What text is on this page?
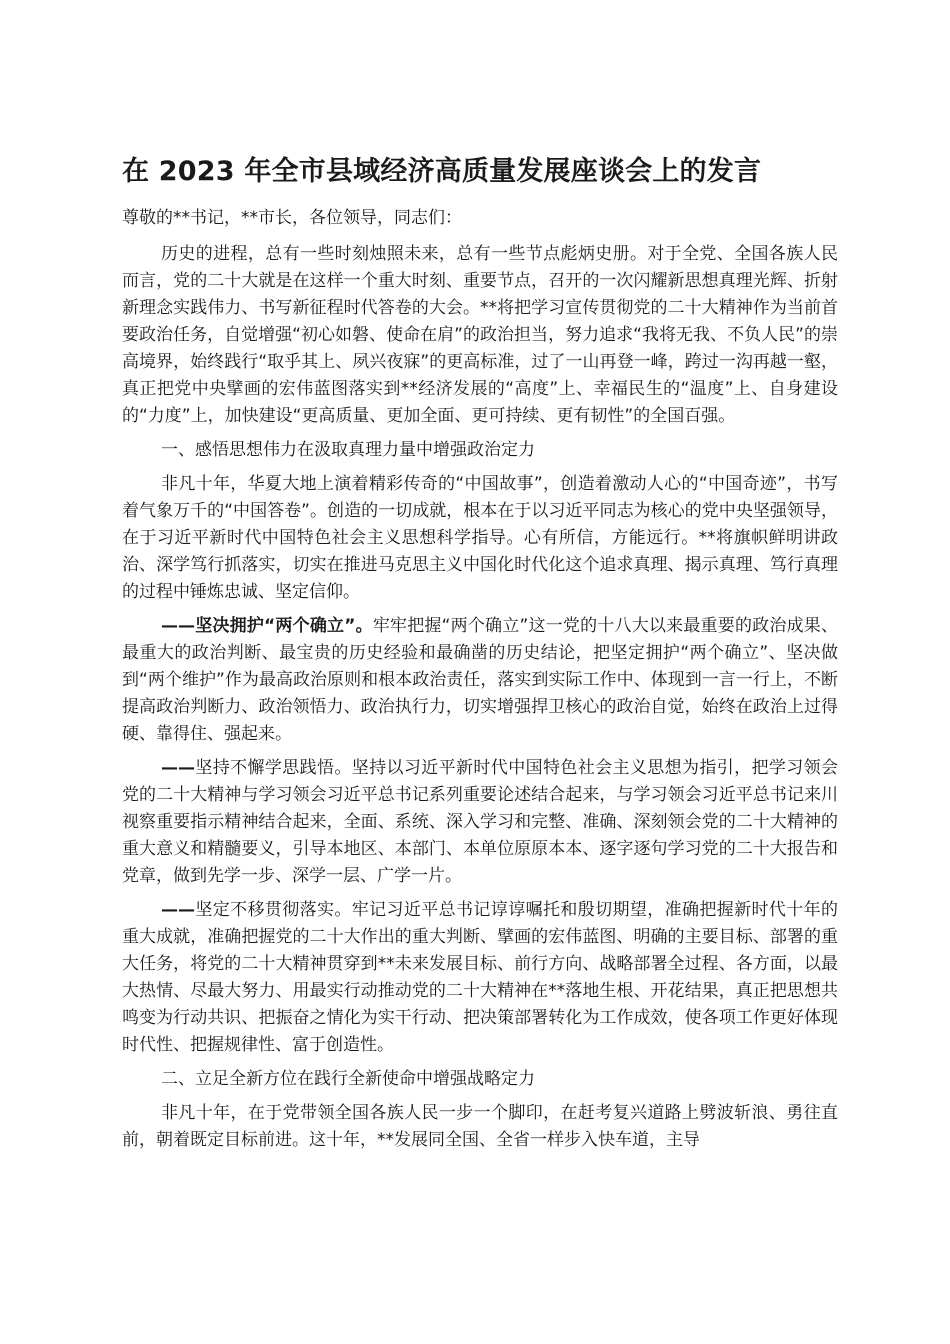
在 2023 年全市县域经济高质量发展座谈会上的发言

尊敬的**书记，**市长，各位领导，同志们：

历史的进程，总有一些时刻烛照未来，总有一些节点彪炳史册。对于全党、全国各族人民而言，党的二十大就是在这样一个重大时刻、重要节点，召开的一次闪耀新思想真理光辉、折射新理念实践伟力、书写新征程时代答卷的大会。**将把学习宣传贯彻党的二十大精神作为当前首要政治任务，自觉增强“初心如磐、使命在肩”的政治担当，努力追求“我将无我、不负人民”的崇高境界，始终践行“取乎其上、夙兴夜寐”的更高标准，过了一山再登一峰，跨过一沟再越一壑，真正把党中央擘画的宏伟蓝图落实到**经济发展的“高度”上、幸福民生的“温度”上、自身建设的“力度”上，加快建设“更高质量、更加全面、更可持续、更有韧性”的全国百强。

一、感悟思想伟力在汲取真理力量中增强政治定力

非凡十年，华夏大地上演着精彩传奇的“中国故事”，创造着激动人心的“中国奇迹”，书写着气象万千的“中国答卷”。创造的一切成就，根本在于以习近平同志为核心的党中央坚强领导，在于习近平新时代中国特色社会主义思想科学指导。心有所信，方能远行。**将旗帜鲜明讲政治、深学笃行抓落实，切实在推进马克思主义中国化时代化这个追求真理、揭示真理、笃行真理的过程中锤炼忠诚、坚定信仰。

——坚决拥护“两个确立”。牢牢把握“两个确立”这一党的十八大以来最重要的政治成果、最重大的政治判断、最宝贵的历史经验和最确凿的历史结论，把坚定拥护“两个确立”、坚决做到“两个维护”作为最高政治原则和根本政治责任，落实到实际工作中、体现到一言一行上，不断提高政治判断力、政治领悟力、政治执行力，切实增强捍卫核心的政治自觉，始终在政治上过得硬、靠得住、强起来。

——坚持不懈学思践悟。坚持以习近平新时代中国特色社会主义思想为指引，把学习领会党的二十大精神与学习领会习近平总书记系列重要论述结合起来，与学习领会习近平总书记来川视察重要指示精神结合起来，全面、系统、深入学习和完整、准确、深刻领会党的二十大精神的重大意义和精髓要义，引导本地区、本部门、本单位原原本本、逐字逐句学习党的二十大报告和党章，做到先学一步、深学一层、广学一片。

——坚定不移贯彻落实。牢记习近平总书记谆谆嘱托和殷切期望，准确把握新时代十年的重大成就，准确把握党的二十大作出的重大判断、擘画的宏伟蓝图、明确的主要目标、部署的重大任务，将党的二十大精神贯穿到**未来发展目标、前行方向、战略部署全过程、各方面，以最大热情、尽最大努力、用最实行动推动党的二十大精神在**落地生根、开花结果，真正把思想共鸣变为行动共识、把振奋之情化为实干行动、把决策部署转化为工作成效，使各项工作更好体现时代性、把握规律性、富于创造性。

二、立足全新方位在践行全新使命中增强战略定力

非凡十年，在于党带领全国各族人民一步一个脚印，在赶考复兴道路上劈波斩浪、勇往直前，朝着既定目标前进。这十年，**发展同全国、全省一样步入快车道，主导
